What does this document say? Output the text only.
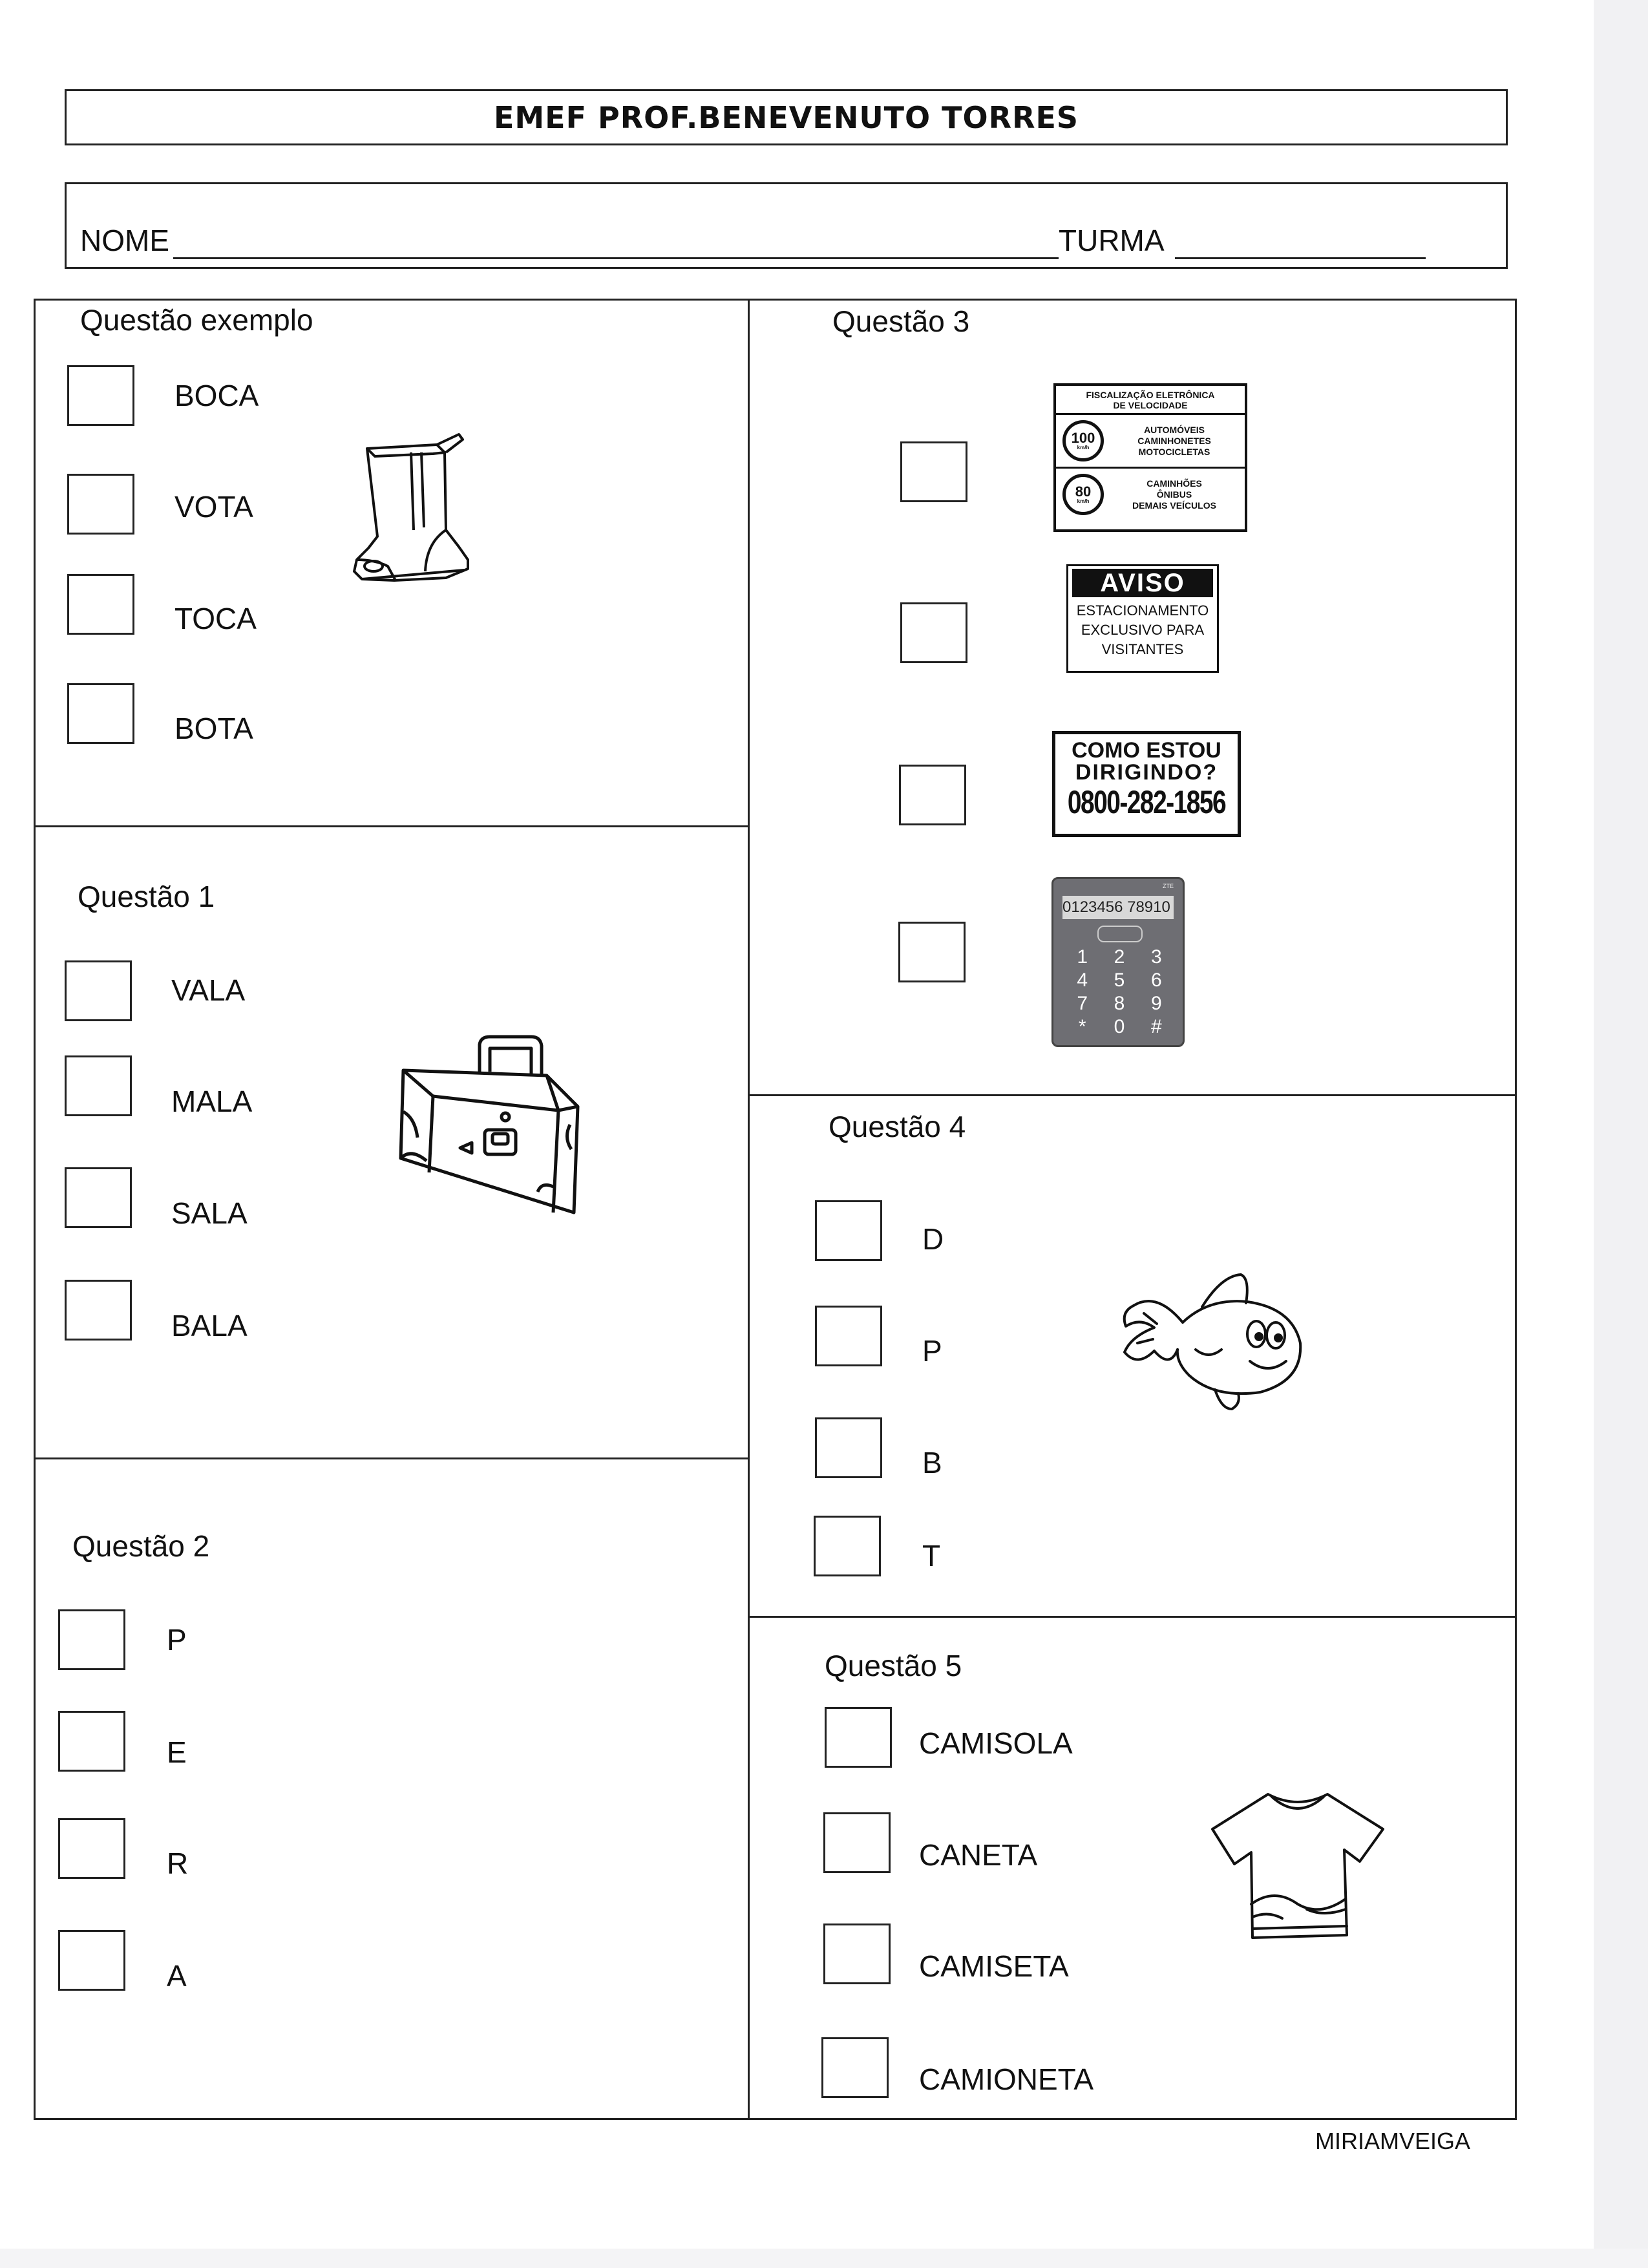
EMEF PROF.BENEVENUTO TORRES
NOME	TURMA
Questão exemplo
BOCA
VOTA
TOCA
BOTA
Questão 1
VALA
MALA
SALA
BALA
Questão 2
P
E
R
A
Questão 3
FISCALIZAÇÃO ELETRÔNICA
DE VELOCIDADE
100
km/h
AUTOMÓVEIS
CAMINHONETES
MOTOCICLETAS
80
km/h
CAMINHÕES
ÔNIBUS
DEMAIS VEÍCULOS
AVISO
ESTACIONAMENTO
EXCLUSIVO PARA
VISITANTES
COMO ESTOU
DIRIGINDO?
0800-282-1856
ZTE
0123456 78910
1	2	3
4	5	6
7	8	9
*	0	#
Questão 4
D
P
B
T
Questão 5
CAMISOLA
CANETA
CAMISETA
CAMIONETA
MIRIAMVEIGA
